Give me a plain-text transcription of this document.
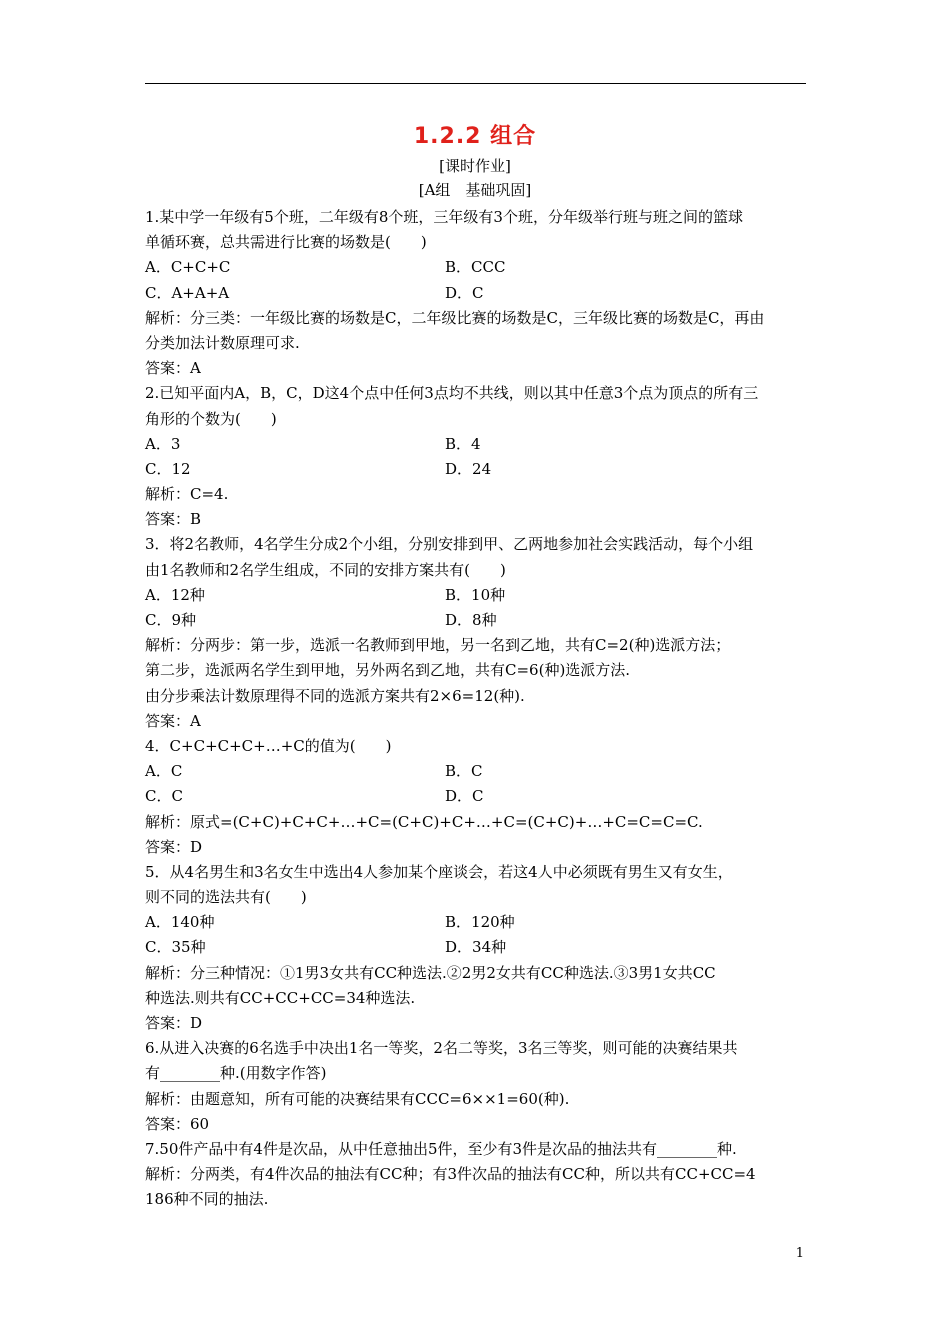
1.2.2 组合
[课时作业]
[A组　基础巩固]
1.某中学一年级有5个班，二年级有8个班，三年级有3个班，分年级举行班与班之间的篮球
单循环赛，总共需进行比赛的场数是(　　)
A．C+C+C	B．CCC
C．A+A+A	D．C
解析：分三类：一年级比赛的场数是C，二年级比赛的场数是C，三年级比赛的场数是C，再由
分类加法计数原理可求.
答案：A
2.已知平面内A，B，C，D这4个点中任何3点均不共线，则以其中任意3个点为顶点的所有三
角形的个数为(　　)
A．3	B．4
C．12	D．24
解析：C=4.
答案：B
3．将2名教师，4名学生分成2个小组，分别安排到甲、乙两地参加社会实践活动，每个小组
由1名教师和2名学生组成，不同的安排方案共有(　　)
A．12种	B．10种
C．9种	D．8种
解析：分两步：第一步，选派一名教师到甲地，另一名到乙地，共有C=2(种)选派方法；
第二步，选派两名学生到甲地，另外两名到乙地，共有C=6(种)选派方法.
由分步乘法计数原理得不同的选派方案共有2×6=12(种).
答案：A
4．C+C+C+C+…+C的值为(　　)
A．C	B．C
C．C	D．C
解析：原式=(C+C)+C+C+…+C=(C+C)+C+…+C=(C+C)+…+C=C=C=C.
答案：D
5．从4名男生和3名女生中选出4人参加某个座谈会，若这4人中必须既有男生又有女生，
则不同的选法共有(　　)
A．140种	B．120种
C．35种	D．34种
解析：分三种情况：①1男3女共有CC种选法.②2男2女共有CC种选法.③3男1女共CC
种选法.则共有CC+CC+CC=34种选法.
答案：D
6.从进入决赛的6名选手中决出1名一等奖，2名二等奖，3名三等奖，则可能的决赛结果共
有________种.(用数字作答)
解析：由题意知，所有可能的决赛结果有CCC=6××1=60(种).
答案：60
7.50件产品中有4件是次品，从中任意抽出5件，至少有3件是次品的抽法共有________种.
解析：分两类，有4件次品的抽法有CC种；有3件次品的抽法有CC种，所以共有CC+CC=4
186种不同的抽法.
1
